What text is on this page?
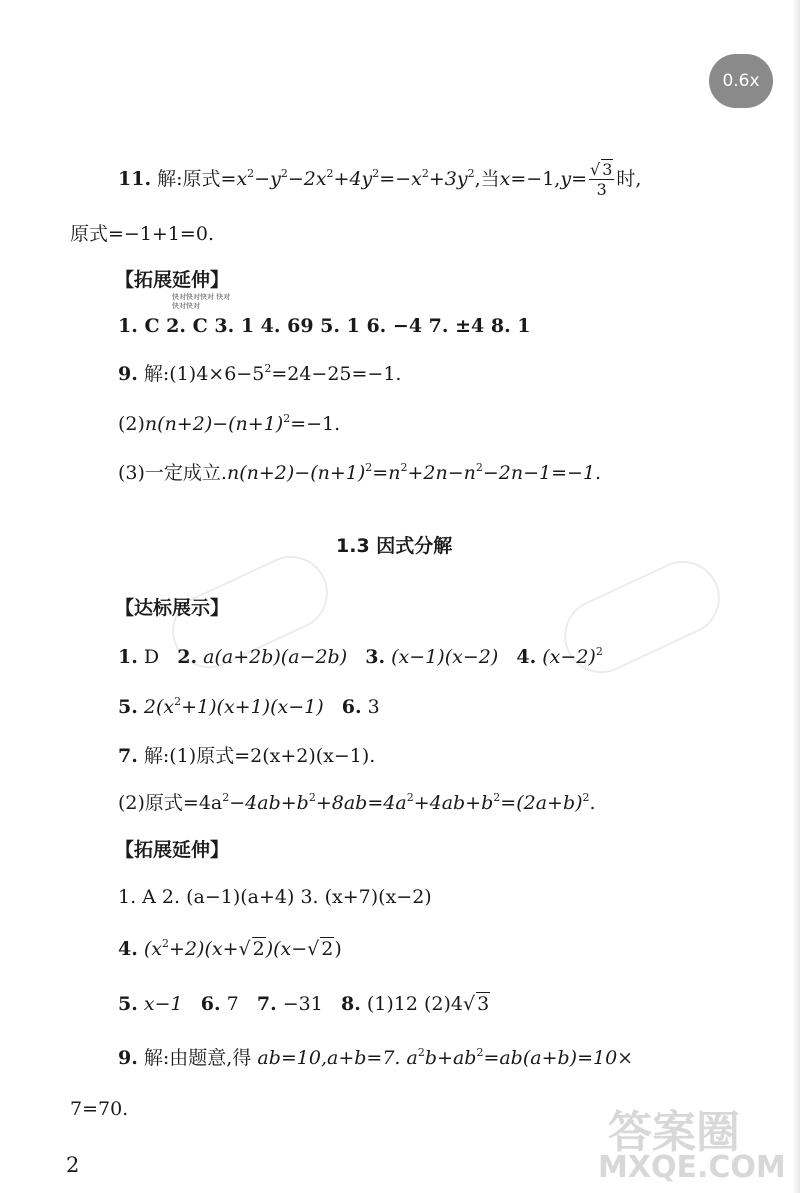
0.6x
11. 解:原式$=x^2-y^2-2x^2+4y^2=-x^2+3y^2$,当$x=-1,y= \frac{√ 3}{3}$ 时,
原式=−1+1=0.
【拓展延伸】
快对快对快对 快对快对快对
1. C 2. C 3. 1 4. 69 5. 1 6. −4 7. ±4 8. 1
9. 解$:(1)4\times 6-5^2=24-25=-1$.
$(2)n(n+2)-(n+1)^2=-1$.
(3)一定成立$.n(n+2)-(n+1)^2=n^2+2n-n^2-2n-1=-1$.
1.3 因式分解
【达标展示】
1. D 2. a(a+2b)(a−2b) 3. (x−1)(x−2) 4. $(x-2)^2$
5. $2(x^2+1)(x+1)(x-1)$ 6. 3
7. 解:(1)原式=2(x+2)(x−1).
(2)原式$=4a^2-4ab+b^2+8ab=4a^2+4ab+b^2=(2a+b)^2$.
【拓展延伸】
1. A 2. (a−1)(a+4) 3. (x+7)(x−2)
4. $(x^2+2)(x+√$ 2)(x−√ 2)
5. x−1 6. 7 7. −31 8. (1)12 (2)4√ 3
9. 解:由题意,得 ab=10,a+b=7. $a^2b+ab^2=ab(a+b)=10\times$
7=70.	答案圈
MXQE.COM
2
